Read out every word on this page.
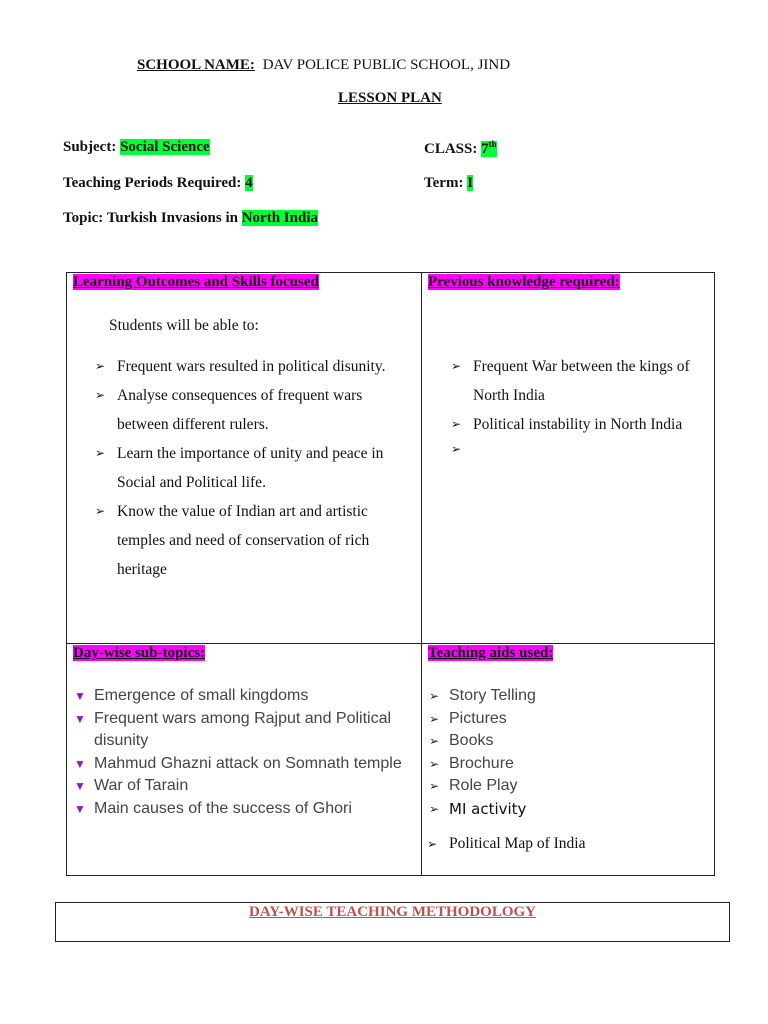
SCHOOL NAME: DAV POLICE PUBLIC SCHOOL, JIND
LESSON PLAN
Subject: Social Science	CLASS: 7th
Teaching Periods Required: 4	Term: I
Topic: Turkish Invasions in North India
Learning Outcomes and Skills focused
Students will be able to:
➢ Frequent wars resulted in political disunity.
➢ Analyse consequences of frequent wars between different rulers.
➢ Learn the importance of unity and peace in Social and Political life.
➢ Know the value of Indian art and artistic temples and need of conservation of rich heritage
Previous knowledge required:
➢ Frequent War between the kings of North India
➢ Political instability in North India
➢
Day-wise sub-topics:
▼ Emergence of small kingdoms
▼ Frequent wars among Rajput and Political disunity
▼ Mahmud Ghazni attack on Somnath temple
▼ War of Tarain
▼ Main causes of the success of Ghori
Teaching aids used:
➢ Story Telling
➢ Pictures
➢ Books
➢ Brochure
➢ Role Play
➢ MI activity
➢ Political Map of India
DAY-WISE TEACHING METHODOLOGY
